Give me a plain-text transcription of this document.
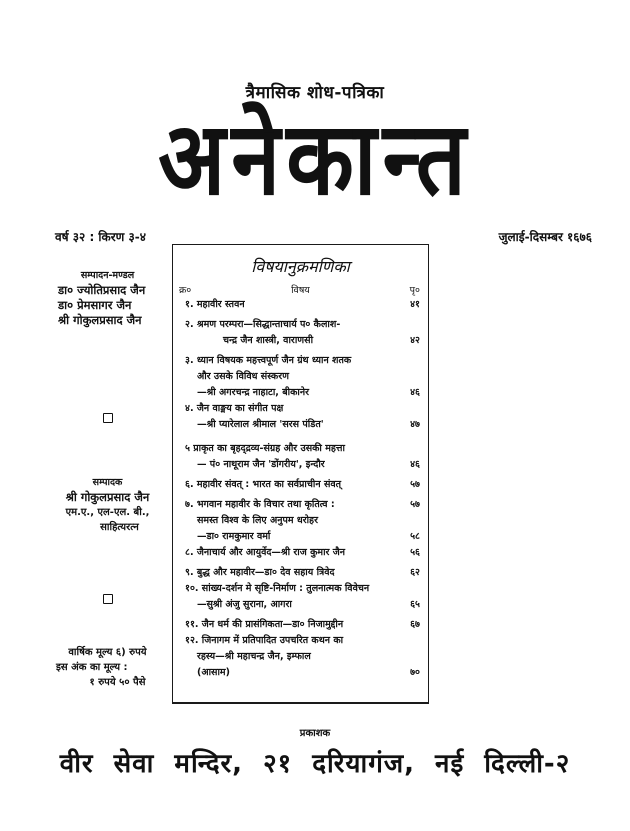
त्रैमासिक शोध-पत्रिका
अनेकान्त
वर्ष ३२ : किरण ३-४	जुलाई-दिसम्बर १६७६
सम्पादन-मण्डल
डा० ज्योतिप्रसाद जैन
डा० प्रेमसागर जैन
श्री गोकुलप्रसाद जैन
सम्पादक
श्री गोकुलप्रसाद जैन
एम.ए., एल-एल. बी.,
साहित्यरत्न
वार्षिक मूल्य ६) रुपये
इस अंक का मूल्य :
१ रुपये ५० पैसे
विषयानुक्रमणिका
क्र०	विषय	पृ०
१. महावीर स्तवन	४१
२. श्रमण परम्परा—सिद्धान्ताचार्य प० कैलाश-
चन्द्र जैन शास्त्री, वाराणसी	४२
३. ध्यान विषयक महत्त्वपूर्ण जैन ग्रंथ ध्यान शतक
और उसके विविध संस्करण
—श्री अगरचन्द्र नाहाटा, बीकानेर	४६
४. जैन वाङ्मय का संगीत पक्ष
—श्री प्यारेलाल श्रीमाल 'सरस पंडित'	४७
५ प्राकृत का बृहद्द्रव्य-संग्रह और उसकी महत्ता
— पं० नाथूराम जैन 'डोंगरीय', इन्दौर	४६
६. महावीर संवत् : भारत का सर्वप्राचीन संवत्	५७
७. भगवान महावीर के विचार तथा कृतित्व :	५७
समस्त विश्व के लिए अनुपम धरोहर
—डा० रामकुमार वर्मा	५८
८. जैनाचार्य और आयुर्वेद—श्री राज कुमार जैन	५६
९. बुद्ध और महावीर—डा० देव सहाय त्रिवेद	६२
१०. सांख्य-दर्शन मे सृष्टि-निर्माण : तुलनात्मक विवेचन
—सुश्री अंजु सुराना, आगरा	६५
११. जैन धर्म की प्रासंगिकता—डा० निजामुद्दीन	६७
१२. जिनागम में प्रतिपादित उपचरित कथन का
रहस्य—श्री महाचन्द्र जैन, इम्फाल
(आसाम)	७०
प्रकाशक
वीर सेवा मन्दिर, २१ दरियागंज, नई दिल्ली-२
